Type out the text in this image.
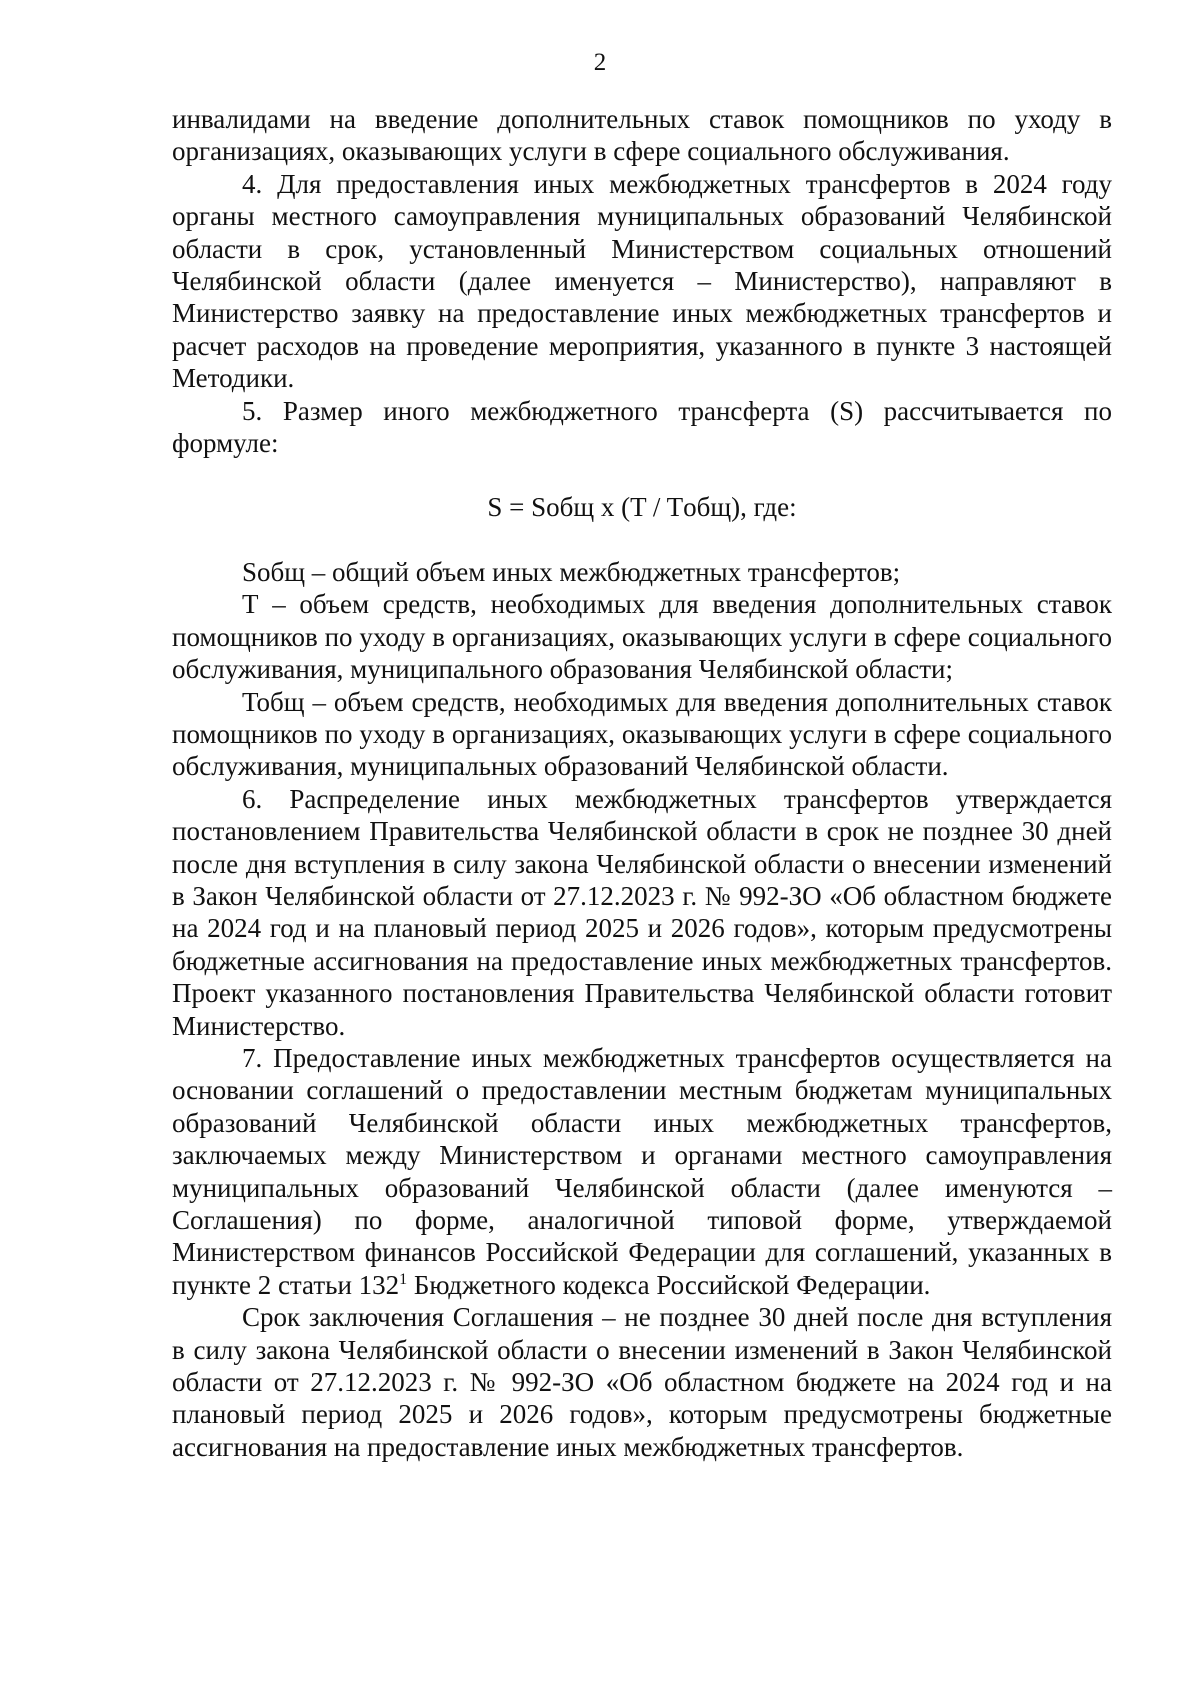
2

инвалидами на введение дополнительных ставок помощников по уходу в организациях, оказывающих услуги в сфере социального обслуживания.

4. Для предоставления иных межбюджетных трансфертов в 2024 году органы местного самоуправления муниципальных образований Челябинской области в срок, установленный Министерством социальных отношений Челябинской области (далее именуется – Министерство), направляют в Министерство заявку на предоставление иных межбюджетных трансфертов и расчет расходов на проведение мероприятия, указанного в пункте 3 настоящей Методики.

5. Размер иного межбюджетного трансферта (S) рассчитывается по формуле:

S = Sобщ x (T / Tобщ), где:

Sобщ – общий объем иных межбюджетных трансфертов;

Т – объем средств, необходимых для введения дополнительных ставок помощников по уходу в организациях, оказывающих услуги в сфере социального обслуживания, муниципального образования Челябинской области;

Тобщ – объем средств, необходимых для введения дополнительных ставок помощников по уходу в организациях, оказывающих услуги в сфере социального обслуживания, муниципальных образований Челябинской области.

6. Распределение иных межбюджетных трансфертов утверждается постановлением Правительства Челябинской области в срок не позднее 30 дней после дня вступления в силу закона Челябинской области о внесении изменений в Закон Челябинской области от 27.12.2023 г. № 992-ЗО «Об областном бюджете на 2024 год и на плановый период 2025 и 2026 годов», которым предусмотрены бюджетные ассигнования на предоставление иных межбюджетных трансфертов. Проект указанного постановления Правительства Челябинской области готовит Министерство.

7. Предоставление иных межбюджетных трансфертов осуществляется на основании соглашений о предоставлении местным бюджетам муниципальных образований Челябинской области иных межбюджетных трансфертов, заключаемых между Министерством и органами местного самоуправления муниципальных образований Челябинской области (далее именуются – Соглашения) по форме, аналогичной типовой форме, утверждаемой Министерством финансов Российской Федерации для соглашений, указанных в пункте 2 статьи $132^1$ Бюджетного кодекса Российской Федерации.

Срок заключения Соглашения – не позднее 30 дней после дня вступления в силу закона Челябинской области о внесении изменений в Закон Челябинской области от 27.12.2023 г. № 992-ЗО «Об областном бюджете на 2024 год и на плановый период 2025 и 2026 годов», которым предусмотрены бюджетные ассигнования на предоставление иных межбюджетных трансфертов.
